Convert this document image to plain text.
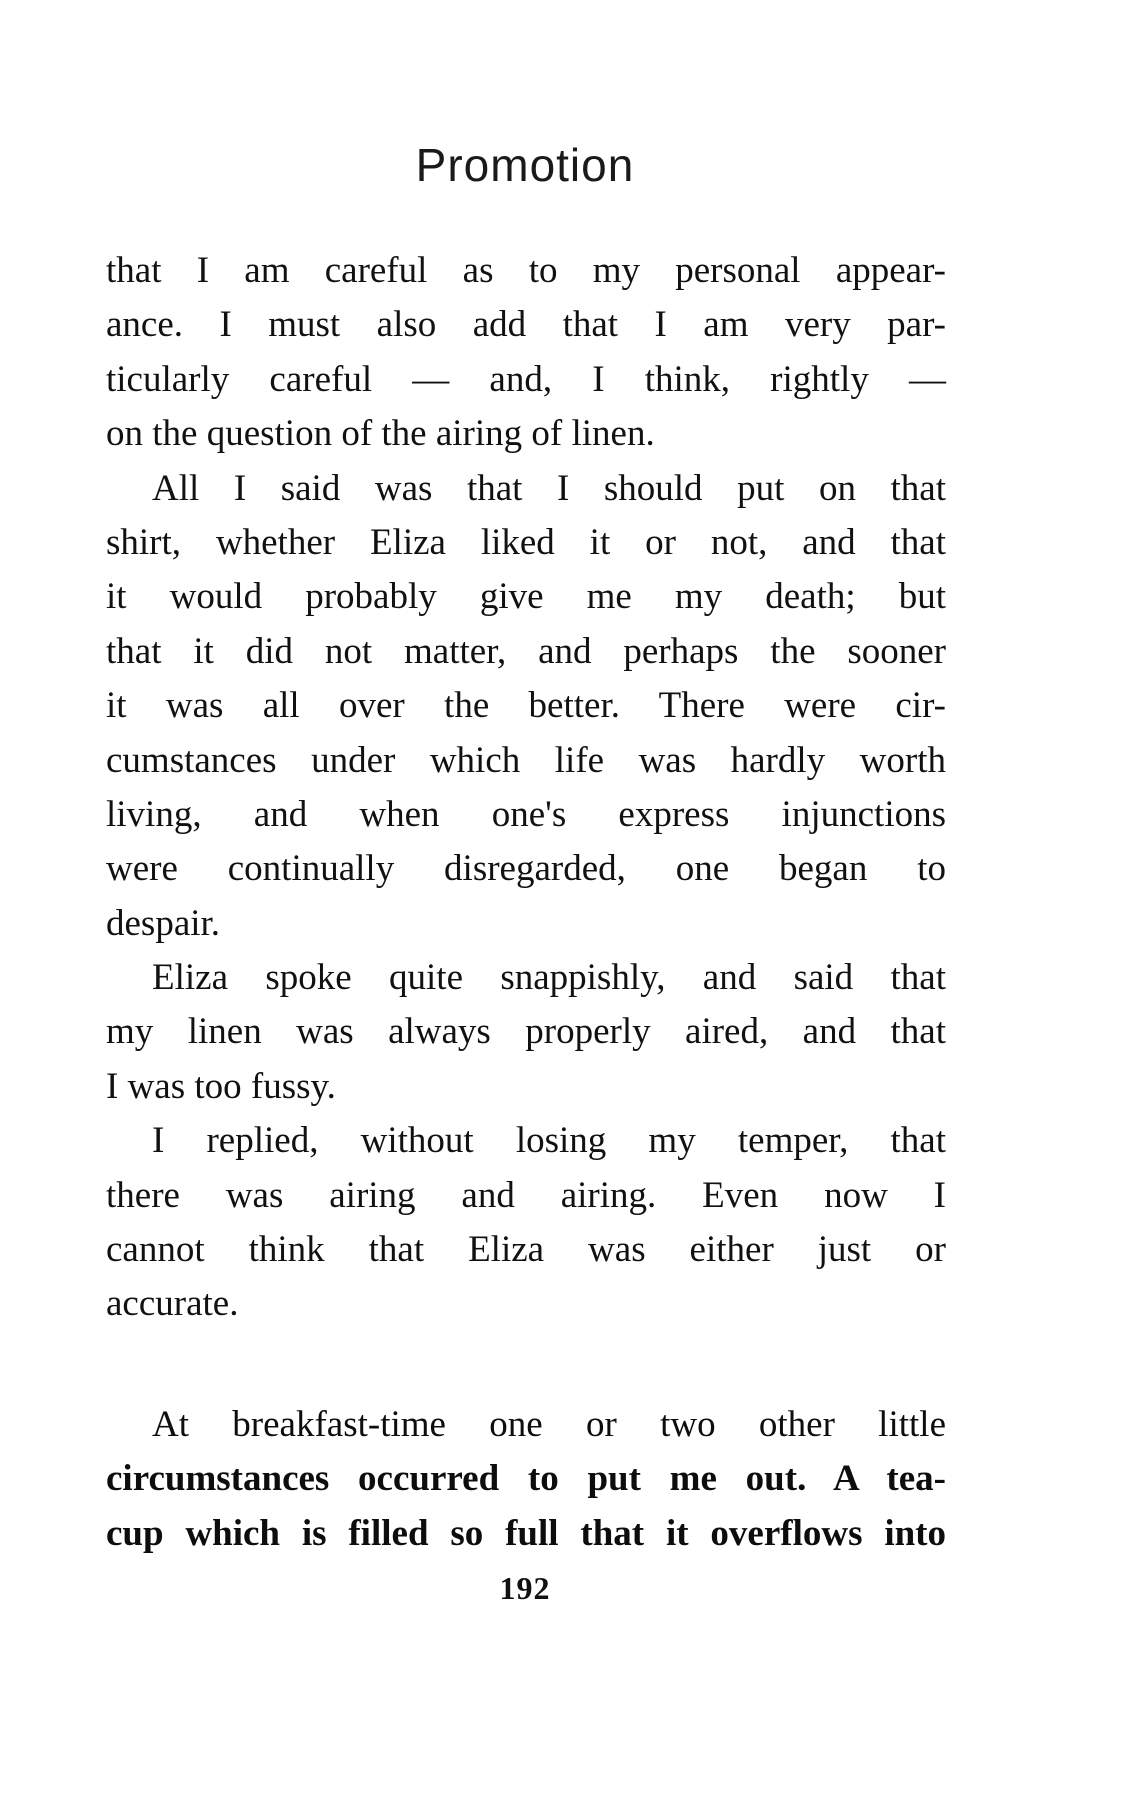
Promotion

that I am careful as to my personal appear-
ance. I must also add that I am very par-
ticularly careful — and, I think, rightly —
on the question of the airing of linen.

All I said was that I should put on that
shirt, whether Eliza liked it or not, and that
it would probably give me my death; but
that it did not matter, and perhaps the sooner
it was all over the better. There were cir-
cumstances under which life was hardly worth
living, and when one's express injunctions
were continually disregarded, one began to
despair.

Eliza spoke quite snappishly, and said that
my linen was always properly aired, and that
I was too fussy.

I replied, without losing my temper, that
there was airing and airing. Even now I
cannot think that Eliza was either just or
accurate.

At breakfast-time one or two other little
circumstances occurred to put me out. A tea-
cup which is filled so full that it overflows into

192
